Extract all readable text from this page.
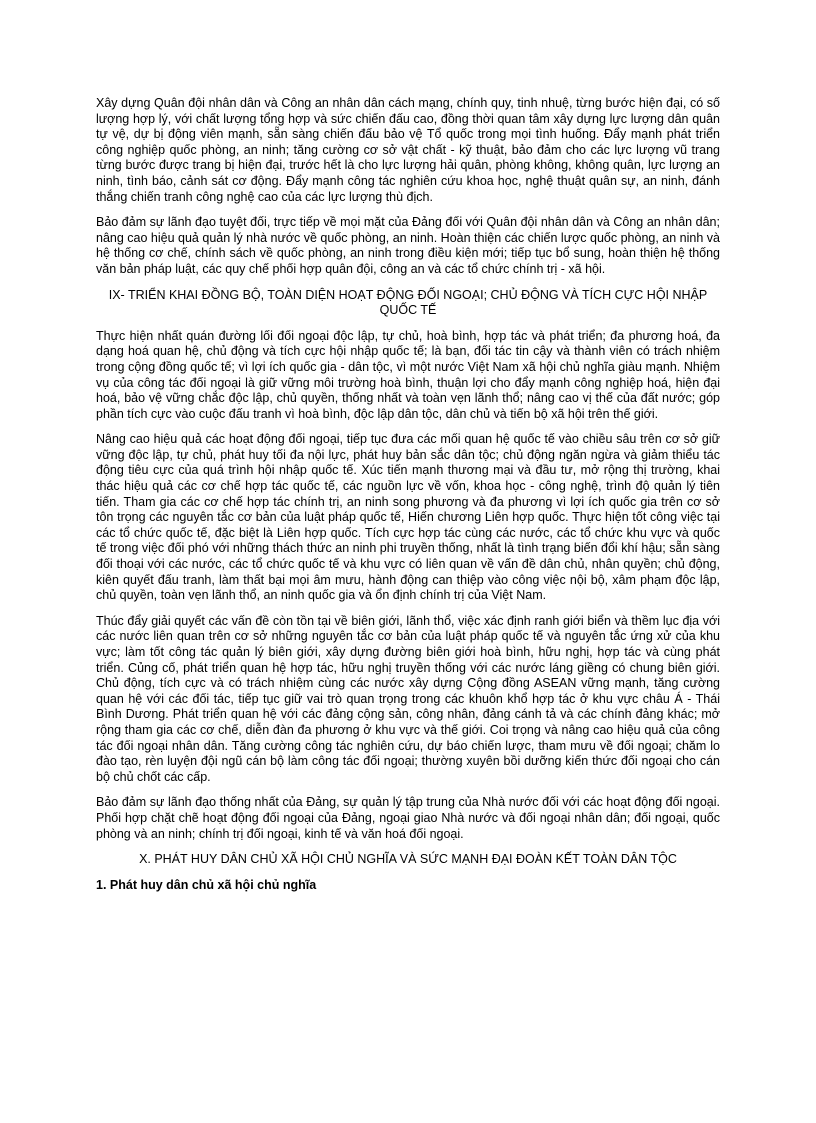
Xây dựng Quân đội nhân dân và Công an nhân dân cách mạng, chính quy, tinh nhuệ, từng bước hiện đại, có số lượng hợp lý, với chất lượng tổng hợp và sức chiến đấu cao, đồng thời quan tâm xây dựng lực lượng dân quân tự vệ, dự bị động viên mạnh, sẵn sàng chiến đấu bảo vệ Tổ quốc trong mọi tình huống. Đẩy mạnh phát triển công nghiệp quốc phòng, an ninh; tăng cường cơ sở vật chất - kỹ thuật, bảo đảm cho các lực lượng vũ trang từng bước được trang bị hiện đại, trước hết là cho lực lượng hải quân, phòng không, không quân, lực lượng an ninh, tình báo, cảnh sát cơ động. Đẩy mạnh công tác nghiên cứu khoa học, nghệ thuật quân sự, an ninh, đánh thắng chiến tranh công nghệ cao của các lực lượng thù địch.

Bảo đảm sự lãnh đạo tuyệt đối, trực tiếp về mọi mặt của Đảng đối với Quân đội nhân dân và Công an nhân dân; nâng cao hiệu quả quản lý nhà nước về quốc phòng, an ninh. Hoàn thiện các chiến lược quốc phòng, an ninh và hệ thống cơ chế, chính sách về quốc phòng, an ninh trong điều kiện mới; tiếp tục bổ sung, hoàn thiện hệ thống văn bản pháp luật, các quy chế phối hợp quân đội, công an và các tổ chức chính trị - xã hội.

IX- TRIỂN KHAI ĐỒNG BỘ, TOÀN DIỆN HOẠT ĐỘNG ĐỐI NGOẠI; CHỦ ĐỘNG VÀ TÍCH CỰC HỘI NHẬP QUỐC TẾ

Thực hiện nhất quán đường lối đối ngoại độc lập, tự chủ, hoà bình, hợp tác và phát triển; đa phương hoá, đa dạng hoá quan hệ, chủ động và tích cực hội nhập quốc tế; là bạn, đối tác tin cậy và thành viên có trách nhiệm trong cộng đồng quốc tế; vì lợi ích quốc gia - dân tộc, vì một nước Việt Nam xã hội chủ nghĩa giàu mạnh. Nhiệm vụ của công tác đối ngoại là giữ vững môi trường hoà bình, thuận lợi cho đẩy mạnh công nghiệp hoá, hiện đại hoá, bảo vệ vững chắc độc lập, chủ quyền, thống nhất và toàn vẹn lãnh thổ; nâng cao vị thế của đất nước; góp phần tích cực vào cuộc đấu tranh vì hoà bình, độc lập dân tộc, dân chủ và tiến bộ xã hội trên thế giới.

Nâng cao hiệu quả các hoạt động đối ngoại, tiếp tục đưa các mối quan hệ quốc tế vào chiều sâu trên cơ sở giữ vững độc lập, tự chủ, phát huy tối đa nội lực, phát huy bản sắc dân tộc; chủ động ngăn ngừa và giảm thiểu tác động tiêu cực của quá trình hội nhập quốc tế. Xúc tiến mạnh thương mại và đầu tư, mở rộng thị trường, khai thác hiệu quả các cơ chế hợp tác quốc tế, các nguồn lực về vốn, khoa học - công nghệ, trình độ quản lý tiên tiến. Tham gia các cơ chế hợp tác chính trị, an ninh song phương và đa phương vì lợi ích quốc gia trên cơ sở tôn trọng các nguyên tắc cơ bản của luật pháp quốc tế, Hiến chương Liên hợp quốc. Thực hiện tốt công việc tại các tổ chức quốc tế, đặc biệt là Liên hợp quốc. Tích cực hợp tác cùng các nước, các tổ chức khu vực và quốc tế trong việc đối phó với những thách thức an ninh phi truyền thống, nhất là tình trạng biến đổi khí hậu; sẵn sàng đối thoại với các nước, các tổ chức quốc tế và khu vực có liên quan về vấn đề dân chủ, nhân quyền; chủ động, kiên quyết đấu tranh, làm thất bại mọi âm mưu, hành động can thiệp vào công việc nội bộ, xâm phạm độc lập, chủ quyền, toàn vẹn lãnh thổ, an ninh quốc gia và ổn định chính trị của Việt Nam.

Thúc đẩy giải quyết các vấn đề còn tồn tại về biên giới, lãnh thổ, việc xác định ranh giới biển và thềm lục địa với các nước liên quan trên cơ sở những nguyên tắc cơ bản của luật pháp quốc tế và nguyên tắc ứng xử của khu vực; làm tốt công tác quản lý biên giới, xây dựng đường biên giới hoà bình, hữu nghị, hợp tác và cùng phát triển. Củng cố, phát triển quan hệ hợp tác, hữu nghị truyền thống với các nước láng giềng có chung biên giới. Chủ động, tích cực và có trách nhiệm cùng các nước xây dựng Cộng đồng ASEAN vững mạnh, tăng cường quan hệ với các đối tác, tiếp tục giữ vai trò quan trọng trong các khuôn khổ hợp tác ở khu vực châu Á - Thái Bình Dương. Phát triển quan hệ với các đảng cộng sản, công nhân, đảng cánh tả và các chính đảng khác; mở rộng tham gia các cơ chế, diễn đàn đa phương ở khu vực và thế giới. Coi trọng và nâng cao hiệu quả của công tác đối ngoại nhân dân. Tăng cường công tác nghiên cứu, dự báo chiến lược, tham mưu về đối ngoại; chăm lo đào tạo, rèn luyện đội ngũ cán bộ làm công tác đối ngoại; thường xuyên bồi dưỡng kiến thức đối ngoại cho cán bộ chủ chốt các cấp.

Bảo đảm sự lãnh đạo thống nhất của Đảng, sự quản lý tập trung của Nhà nước đối với các hoạt động đối ngoại. Phối hợp chặt chẽ hoạt động đối ngoại của Đảng, ngoại giao Nhà nước và đối ngoại nhân dân; đối ngoại, quốc phòng và an ninh; chính trị đối ngoại, kinh tế và văn hoá đối ngoại.

X. PHÁT HUY DÂN CHỦ XÃ HỘI CHỦ NGHĨA VÀ SỨC MẠNH ĐẠI ĐOÀN KẾT TOÀN DÂN TỘC
1. Phát huy dân chủ xã hội chủ nghĩa
